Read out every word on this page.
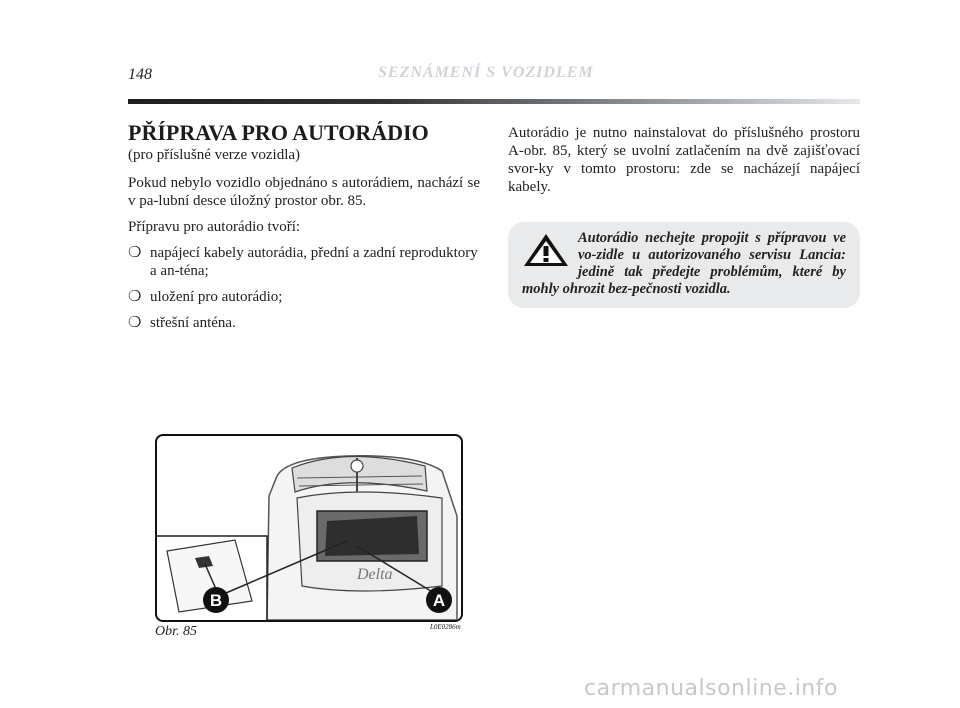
148	SEZNÁMENÍ S VOZIDLEM
PŘÍPRAVA PRO AUTORÁDIO
(pro příslušné verze vozidla)

Pokud nebylo vozidlo objednáno s autorádiem, nachází se v pa-lubní desce úložný prostor obr. 85.

Přípravu pro autorádio tvoří:

❍ napájecí kabely autorádia, přední a zadní reproduktory a an-téna;
❍ uložení pro autorádio;
❍ střešní anténa.

Autorádio je nutno nainstalovat do příslušného prostoru A-obr. 85, který se uvolní zatlačením na dvě zajišťovací svor-ky v tomto prostoru: zde se nacházejí napájecí kabely.

Autorádio nechejte propojit s přípravou ve vo-zidle u autorizovaného servisu Lancia: jedině tak předejte problémům, které by mohly ohrozit bez-pečnosti vozidla.

Delta
B	A
Obr. 85	L0E0286m
carmanualsonline.info
